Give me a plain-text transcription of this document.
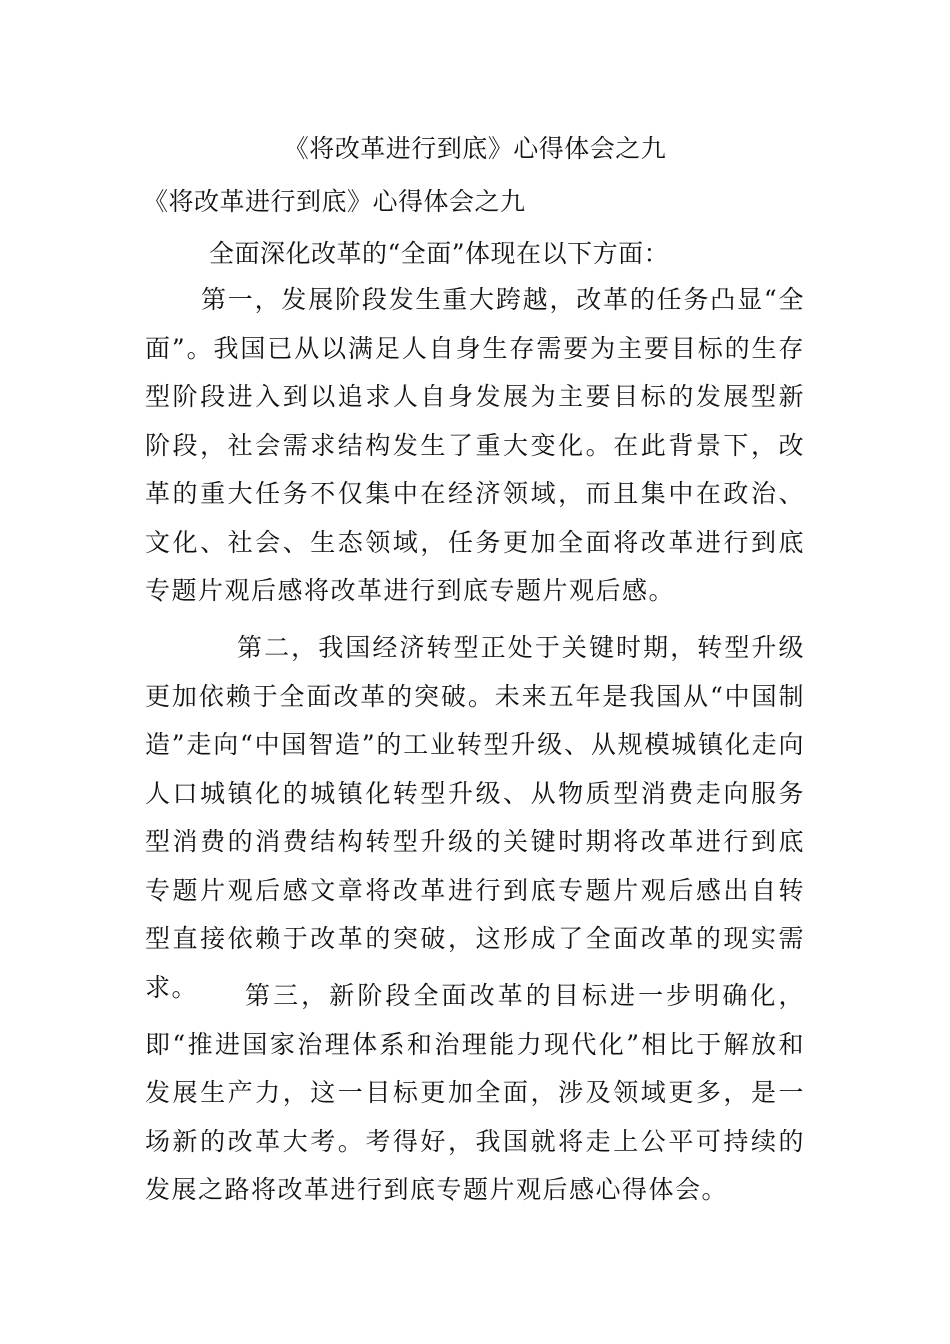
《将改革进行到底》心得体会之九

《将改革进行到底》心得体会之九

全面深化改革的“全面”体现在以下方面：

第一，发展阶段发生重大跨越，改革的任务凸显“全面”。我国已从以满足人自身生存需要为主要目标的生存型阶段进入到以追求人自身发展为主要目标的发展型新阶段，社会需求结构发生了重大变化。在此背景下，改革的重大任务不仅集中在经济领域，而且集中在政治、文化、社会、生态领域，任务更加全面将改革进行到底专题片观后感将改革进行到底专题片观后感。

第二，我国经济转型正处于关键时期，转型升级更加依赖于全面改革的突破。未来五年是我国从“中国制造”走向“中国智造”的工业转型升级、从规模城镇化走向人口城镇化的城镇化转型升级、从物质型消费走向服务型消费的消费结构转型升级的关键时期将改革进行到底专题片观后感文章将改革进行到底专题片观后感出自转型直接依赖于改革的突破，这形成了全面改革的现实需求。	第三，新阶段全面改革的目标进一步明确化，即“推进国家治理体系和治理能力现代化”相比于解放和发展生产力，这一目标更加全面，涉及领域更多，是一场新的改革大考。考得好，我国就将走上公平可持续的发展之路将改革进行到底专题片观后感心得体会。
